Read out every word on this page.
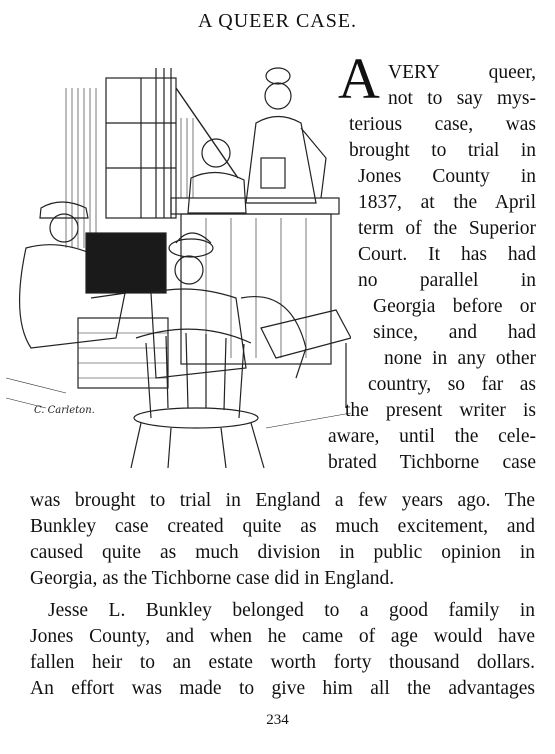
A QUEER CASE.
C. Carleton.
A VERY queer,
not to say mys-
terious case, was
brought to trial in
Jones County in
1837, at the April
term of the Superior
Court. It has had
no parallel in
Georgia before or
since, and had
none in any other
country, so far as
the present writer is
aware, until the cele-
brated Tichborne case
was brought to trial in England a few years ago. The
Bunkley case created quite as much excitement, and
caused quite as much division in public opinion in
Georgia, as the Tichborne case did in England.
Jesse L. Bunkley belonged to a good family in
Jones County, and when he came of age would have
fallen heir to an estate worth forty thousand dollars.
An effort was made to give him all the advantages
234
